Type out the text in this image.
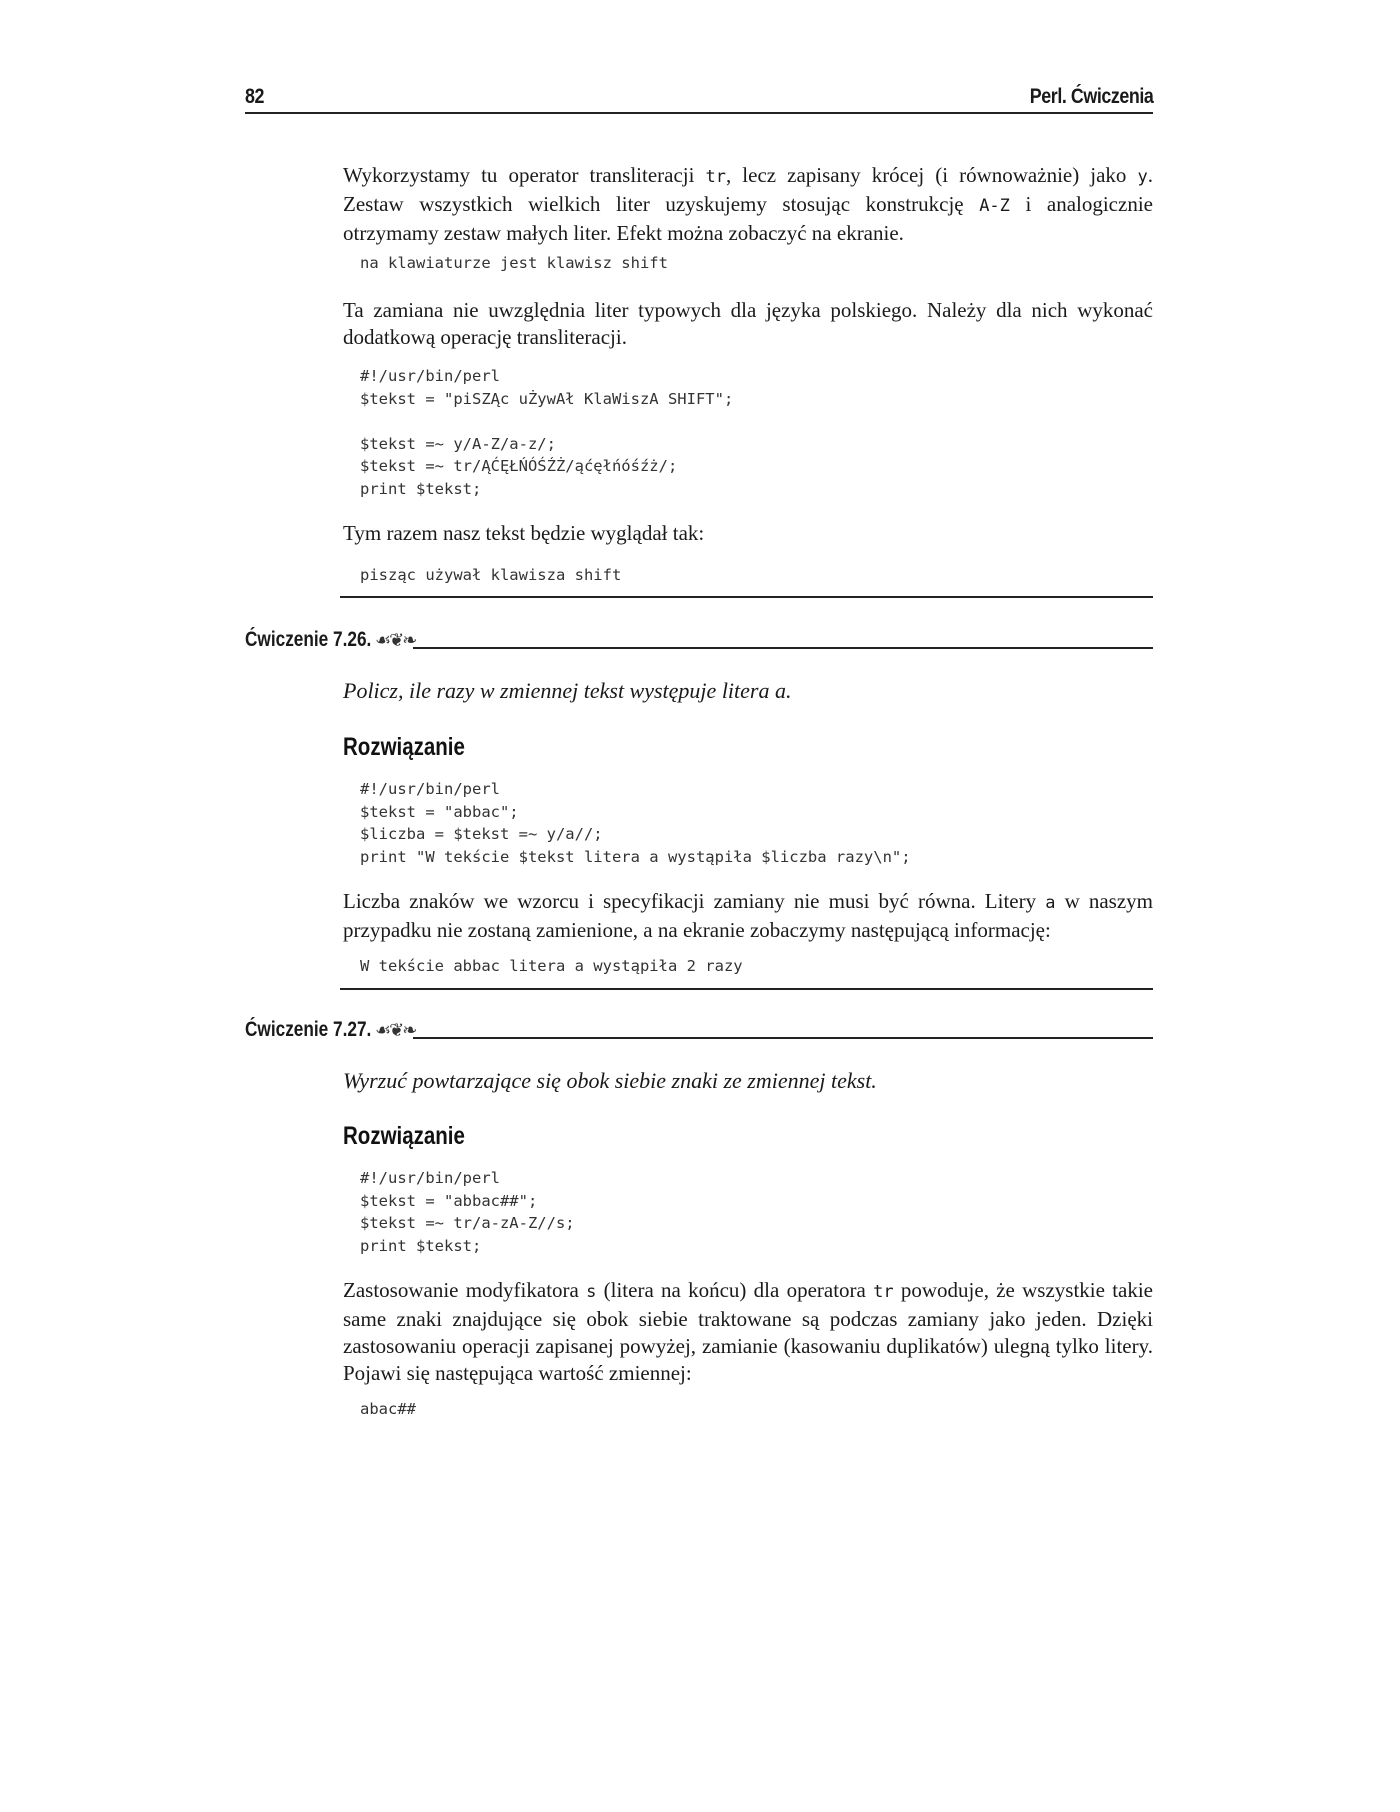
82	Perl. Ćwiczenia

Wykorzystamy tu operator transliteracji tr, lecz zapisany krócej (i równoważnie) jako y. Zestaw wszystkich wielkich liter uzyskujemy stosując konstrukcję A-Z i analogicznie otrzymamy zestaw małych liter. Efekt można zobaczyć na ekranie.

na klawiaturze jest klawisz shift

Ta zamiana nie uwzględnia liter typowych dla języka polskiego. Należy dla nich wykonać dodatkową operację transliteracji.

#!/usr/bin/perl
$tekst = "piSZĄc uŻywAł KlaWiszA SHIFT";

$tekst =~ y/A-Z/a-z/;
$tekst =~ tr/ĄĆĘŁŃÓŚŹŻ/ąćęłńóśźż/;
print $tekst;

Tym razem nasz tekst będzie wyglądał tak:

pisząc używał klawisza shift
Ćwiczenie 7.26. ☙❦❧

Policz, ile razy w zmiennej tekst występuje litera a.

Rozwiązanie
#!/usr/bin/perl
$tekst = "abbac";
$liczba = $tekst =~ y/a//;
print "W tekście $tekst litera a wystąpiła $liczba razy\n";

Liczba znaków we wzorcu i specyfikacji zamiany nie musi być równa. Litery a w naszym przypadku nie zostaną zamienione, a na ekranie zobaczymy następującą informację:

W tekście abbac litera a wystąpiła 2 razy
Ćwiczenie 7.27. ☙❦❧

Wyrzuć powtarzające się obok siebie znaki ze zmiennej tekst.

Rozwiązanie
#!/usr/bin/perl
$tekst = "abbac##";
$tekst =~ tr/a-zA-Z//s;
print $tekst;

Zastosowanie modyfikatora s (litera na końcu) dla operatora tr powoduje, że wszystkie takie same znaki znajdujące się obok siebie traktowane są podczas zamiany jako jeden. Dzięki zastosowaniu operacji zapisanej powyżej, zamianie (kasowaniu duplikatów) ulegną tylko litery. Pojawi się następująca wartość zmiennej:

abac##
